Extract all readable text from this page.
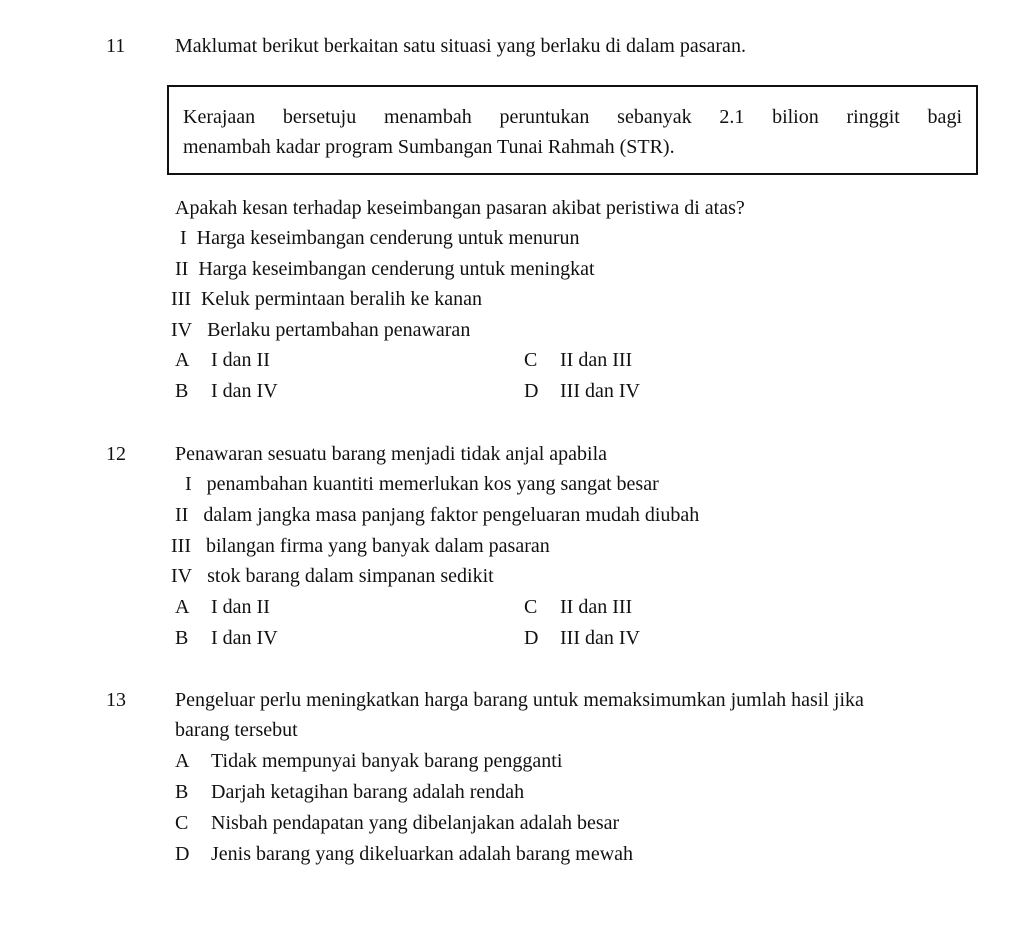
11 Maklumat berikut berkaitan satu situasi yang berlaku di dalam pasaran.
Kerajaan bersetuju menambah peruntukan sebanyak 2.1 bilion ringgit bagi
menambah kadar program Sumbangan Tunai Rahmah (STR).
Apakah kesan terhadap keseimbangan pasaran akibat peristiwa di atas?
I Harga keseimbangan cenderung untuk menurun
II Harga keseimbangan cenderung untuk meningkat
III Keluk permintaan beralih ke kanan
IV Berlaku pertambahan penawaran
A I dan II
B I dan IV
C II dan III
D III dan IV
12 Penawaran sesuatu barang menjadi tidak anjal apabila
I penambahan kuantiti memerlukan kos yang sangat besar
II dalam jangka masa panjang faktor pengeluaran mudah diubah
III bilangan firma yang banyak dalam pasaran
IV stok barang dalam simpanan sedikit
A I dan II
B I dan IV
C II dan III
D III dan IV
13 Pengeluar perlu meningkatkan harga barang untuk memaksimumkan jumlah hasil jika
barang tersebut
A Tidak mempunyai banyak barang pengganti
B Darjah ketagihan barang adalah rendah
C Nisbah pendapatan yang dibelanjakan adalah besar
D Jenis barang yang dikeluarkan adalah barang mewah
